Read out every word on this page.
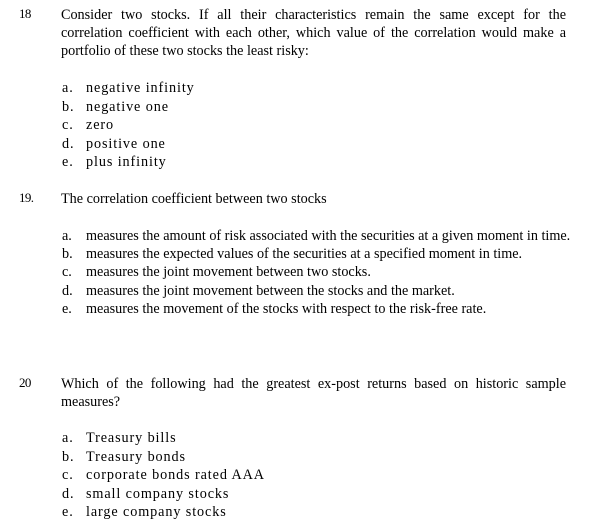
18 Consider two stocks. If all their characteristics remain the same except for the correlation coefficient with each other, which value of the correlation would make a portfolio of these two stocks the least risky:
a. negative infinity
b. negative one
c. zero
d. positive one
e. plus infinity
19. The correlation coefficient between two stocks
a. measures the amount of risk associated with the securities at a given moment in time.
b. measures the expected values of the securities at a specified moment in time.
c. measures the joint movement between two stocks.
d. measures the joint movement between the stocks and the market.
e. measures the movement of the stocks with respect to the risk-free rate.
20 Which of the following had the greatest ex-post returns based on historic sample measures?
a. Treasury bills
b. Treasury bonds
c. corporate bonds rated AAA
d. small company stocks
e. large company stocks
